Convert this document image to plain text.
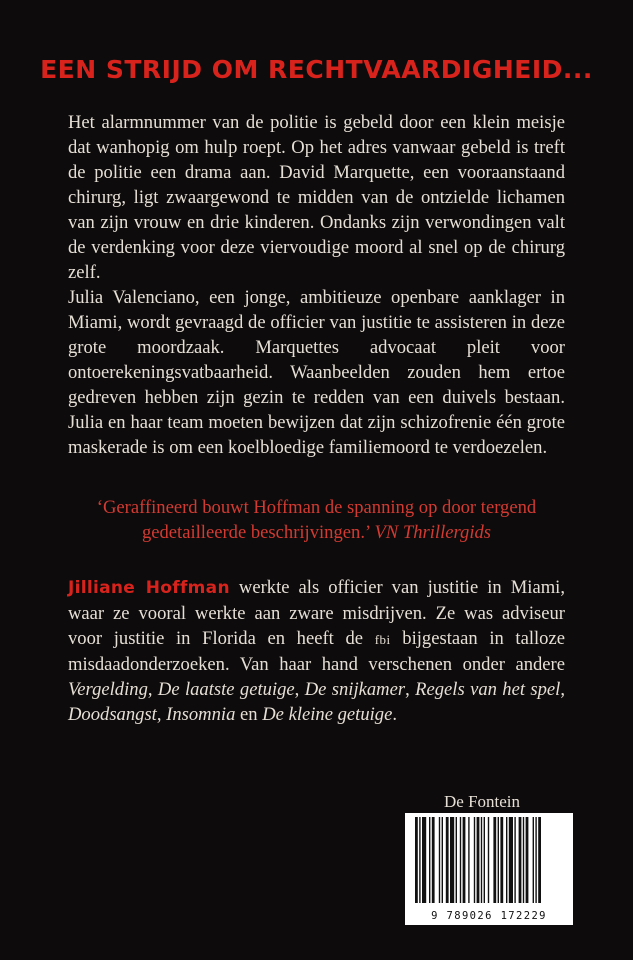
EEN STRIJD OM RECHTVAARDIGHEID...

Het alarmnummer van de politie is gebeld door een klein meisje dat wanhopig om hulp roept. Op het adres vanwaar gebeld is treft de politie een drama aan. David Marquette, een vooraanstaand chirurg, ligt zwaargewond te midden van de ontzielde lichamen van zijn vrouw en drie kinderen. Ondanks zijn verwondingen valt de verdenking voor deze viervoudige moord al snel op de chirurg zelf.

Julia Valenciano, een jonge, ambitieuze openbare aanklager in Miami, wordt gevraagd de officier van justitie te assisteren in deze grote moordzaak. Marquettes advocaat pleit voor ontoerekeningsvatbaarheid. Waanbeelden zouden hem ertoe gedreven hebben zijn gezin te redden van een duivels bestaan. Julia en haar team moeten bewijzen dat zijn schizofrenie één grote maskerade is om een koelbloedige familiemoord te verdoezelen.

‘Geraffineerd bouwt Hoffman de spanning op door tergend gedetailleerde beschrijvingen.’ VN Thrillergids

Jilliane Hoffman werkte als officier van justitie in Miami, waar ze vooral werkte aan zware misdrijven. Ze was adviseur voor justitie in Florida en heeft de fbi bijgestaan in talloze misdaadonderzoeken. Van haar hand verschenen onder andere Vergelding, De laatste getuige, De snijkamer, Regels van het spel, Doodsangst, Insomnia en De kleine getuige.

De Fontein
9 789026 172229
